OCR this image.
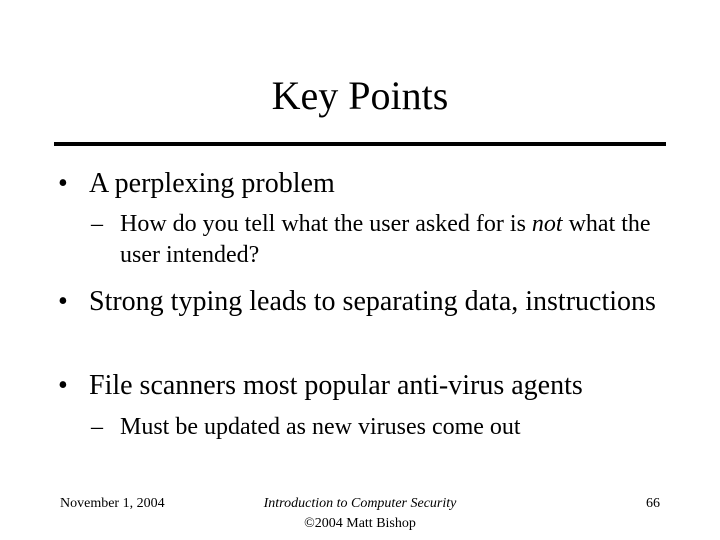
Key Points
• A perplexing problem
– How do you tell what the user asked for is not what the user intended?
• Strong typing leads to separating data, instructions
• File scanners most popular anti-virus agents
– Must be updated as new viruses come out
November 1, 2004	Introduction to Computer Security
©2004 Matt Bishop
66
